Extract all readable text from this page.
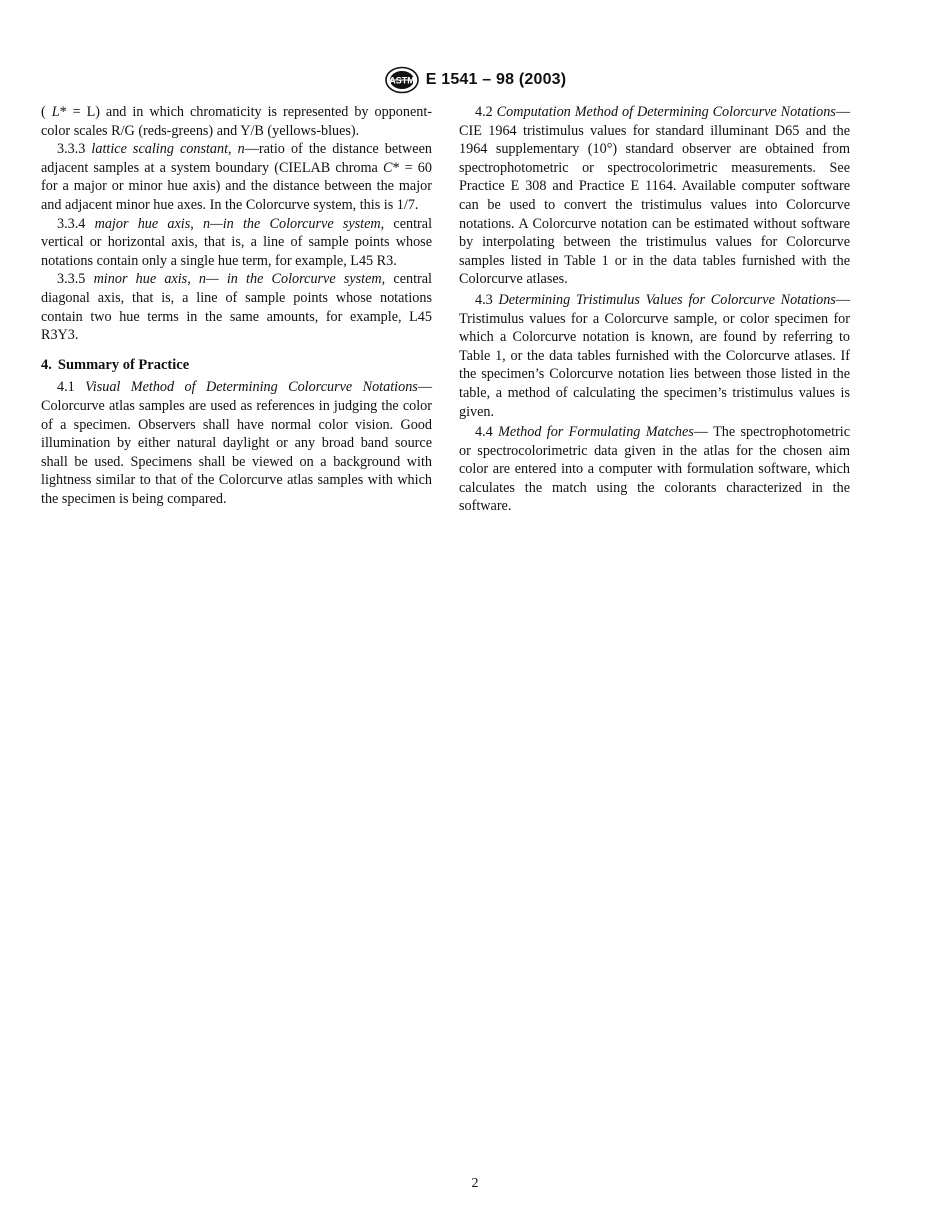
ASTM E 1541 – 98 (2003)

( L* = L) and in which chromaticity is represented by opponent-color scales R/G (reds-greens) and Y/B (yellows-blues).

3.3.3 lattice scaling constant, n—ratio of the distance between adjacent samples at a system boundary (CIELAB chroma C* = 60 for a major or minor hue axis) and the distance between the major and adjacent minor hue axes. In the Colorcurve system, this is 1/7.

3.3.4 major hue axis, n—in the Colorcurve system, central vertical or horizontal axis, that is, a line of sample points whose notations contain only a single hue term, for example, L45 R3.

3.3.5 minor hue axis, n— in the Colorcurve system, central diagonal axis, that is, a line of sample points whose notations contain two hue terms in the same amounts, for example, L45 R3Y3.

4. Summary of Practice

4.1 Visual Method of Determining Colorcurve Notations—Colorcurve atlas samples are used as references in judging the color of a specimen. Observers shall have normal color vision. Good illumination by either natural daylight or any broad band source shall be used. Specimens shall be viewed on a background with lightness similar to that of the Colorcurve atlas samples with which the specimen is being compared.

4.2 Computation Method of Determining Colorcurve Notations—CIE 1964 tristimulus values for standard illuminant D65 and the 1964 supplementary (10°) standard observer are obtained from spectrophotometric or spectrocolorimetric measurements. See Practice E 308 and Practice E 1164. Available computer software can be used to convert the tristimulus values into Colorcurve notations. A Colorcurve notation can be estimated without software by interpolating between the tristimulus values for Colorcurve samples listed in Table 1 or in the data tables furnished with the Colorcurve atlases.

4.3 Determining Tristimulus Values for Colorcurve Notations—Tristimulus values for a Colorcurve sample, or color specimen for which a Colorcurve notation is known, are found by referring to Table 1, or the data tables furnished with the Colorcurve atlases. If the specimen’s Colorcurve notation lies between those listed in the table, a method of calculating the specimen’s tristimulus values is given.

4.4 Method for Formulating Matches— The spectrophotometric or spectrocolorimetric data given in the atlas for the chosen aim color are entered into a computer with formulation software, which calculates the match using the colorants characterized in the software.

2
